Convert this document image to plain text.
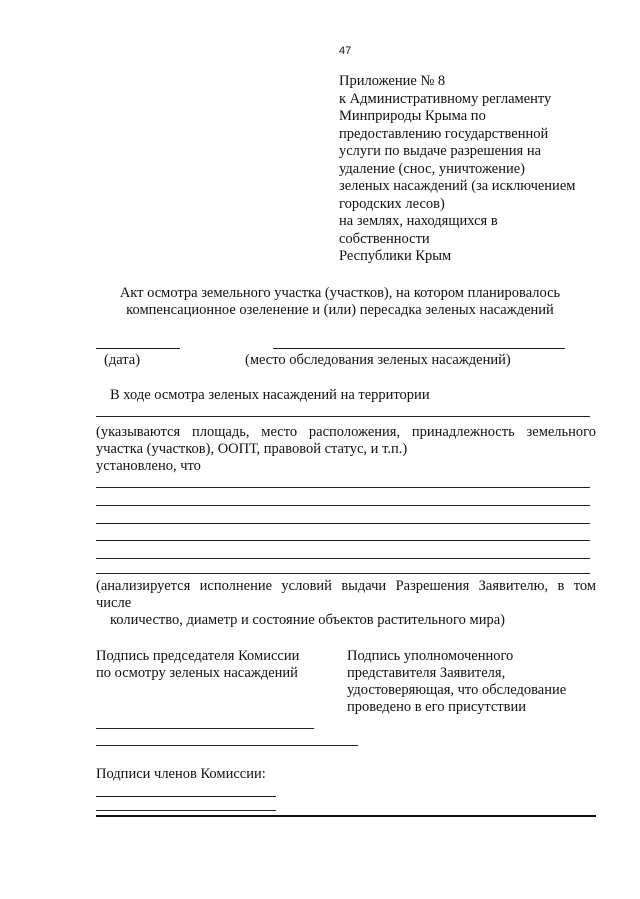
47
Приложение № 8
к Административному регламенту
Минприроды Крыма по
предоставлению государственной
услуги по выдаче разрешения на
удаление (снос, уничтожение)
зеленых насаждений (за исключением
городских лесов)
на землях, находящихся в
собственности
Республики Крым
Акт осмотра земельного участка (участков), на котором планировалось
компенсационное озеленение и (или) пересадка зеленых насаждений
(дата)	(место обследования зеленых насаждений)
В ходе осмотра зеленых насаждений на территории
(указываются площадь, место расположения, принадлежность земельного
участка (участков), ООПТ, правовой статус, и т.п.)
установлено, что
(анализируется исполнение условий выдачи Разрешения Заявителю, в том
числе
количество, диаметр и состояние объектов растительного мира)
Подпись председателя Комиссии
по осмотру зеленых насаждений
Подпись уполномоченного
представителя Заявителя,
удостоверяющая, что обследование
проведено в его присутствии
Подписи членов Комиссии:
